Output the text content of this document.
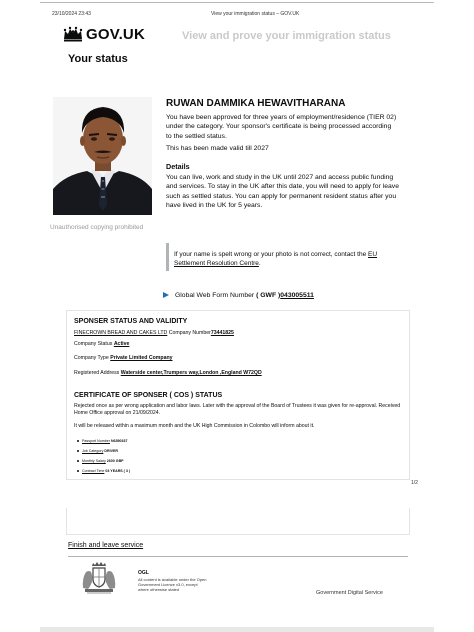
23/10/2024 23:43	View your immigration status – GOV.UK
GOV.UK	View and prove your immigration status
Your status
Unauthorised copying prohibited
RUWAN DAMMIKA HEWAVITHARANA
You have been approved for three years of employment/residence (TIER 02) under the category. Your sponsor's certificate is being processed according to the settled status.
This has been made valid till 2027
Details
You can live, work and study in the UK until 2027 and access public funding and services. To stay in the UK after this date, you will need to apply for leave such as settled status. You can apply for permanent resident status after you have lived in the UK for 5 years.
If your name is spelt wrong or your photo is not correct, contact the EU Settlement Resolution Centre.
Global Web Form Number ( GWF )043005511
SPONSER STATUS AND VALIDITY
FINECROWN BREAD AND CAKES LTD Company Number73441825
Company Status Active
Company Type Private Limited Company
Registered Address Waterside center,Trumpers way,London ,England W72QD
CERTIFICATE OF SPONSER ( COS ) STATUS
Rejected once as per wrong application and labor laws. Later with the approval of the Board of Trustees it was given for re-approval. Received Home Office approval on 21/09/2024.
It will be released within a maximum month and the UK High Commission in Colombo will inform about it.
Passport Number N6390337
Job Category DRIVER
Monthly Salary 2600 GBP
Contract Time 03 YEARS ( 3 )
1/2
Finish and leave service
OGL
All content is available under the Open Government Licence v3.0, except where otherwise stated
Government Digital Service
